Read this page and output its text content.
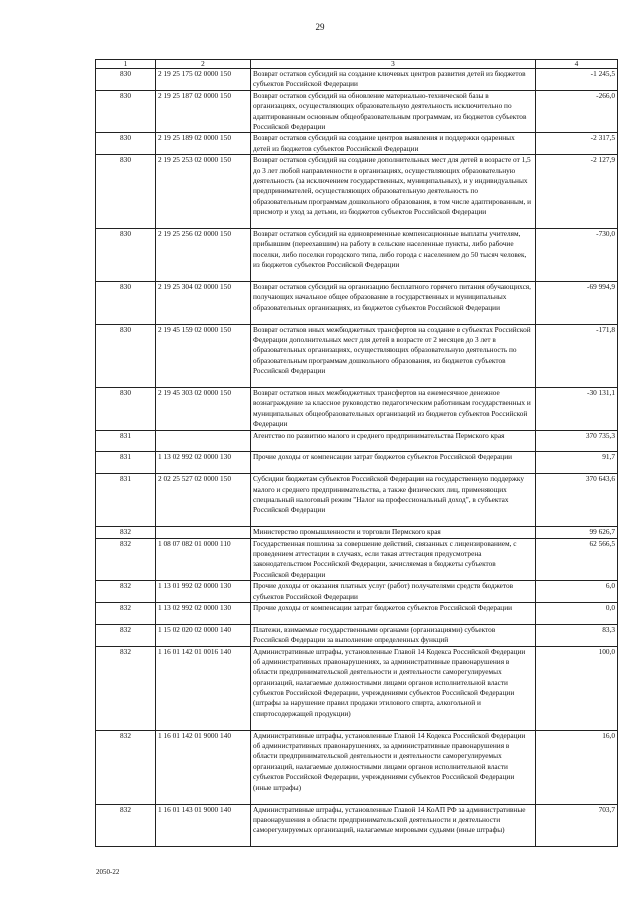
29
1	2	3	4
830	2 19 25 175 02 0000 150	Возврат остатков субсидий на создание ключевых центров развития детей из бюджетов субъектов Российской Федерации	-1 245,5
830	2 19 25 187 02 0000 150	Возврат остатков субсидий на обновление материально-технической базы в организациях, осуществляющих образовательную деятельность исключительно по адаптированным основным общеобразовательным программам, из бюджетов субъектов Российской Федерации	-266,0
830	2 19 25 189 02 0000 150	Возврат остатков субсидий на создание центров выявления и поддержки одаренных детей из бюджетов субъектов Российской Федерации	-2 317,5
830	2 19 25 253 02 0000 150	Возврат остатков субсидий на создание дополнительных мест для детей в возрасте от 1,5 до 3 лет любой направленности в организациях, осуществляющих образовательную деятельность (за исключением государственных, муниципальных), и у индивидуальных предпринимателей, осуществляющих образовательную деятельность по образовательным программам дошкольного образования, в том числе адаптированным, и присмотр и уход за детьми, из бюджетов субъектов Российской Федерации	-2 127,9
830	2 19 25 256 02 0000 150	Возврат остатков субсидий на единовременные компенсационные выплаты учителям, прибывшим (переехавшим) на работу в сельские населенные пункты, либо рабочие поселки, либо поселки городского типа, либо города с населением до 50 тысяч человек, из бюджетов субъектов Российской Федерации	-730,0
830	2 19 25 304 02 0000 150	Возврат остатков субсидий на организацию бесплатного горячего питания обучающихся, получающих начальное общее образование в государственных и муниципальных образовательных организациях, из бюджетов субъектов Российской Федерации	-69 994,9
830	2 19 45 159 02 0000 150	Возврат остатков иных межбюджетных трансфертов на создание в субъектах Российской Федерации дополнительных мест для детей в возрасте от 2 месяцев до 3 лет в образовательных организациях, осуществляющих образовательную деятельность по образовательным программам дошкольного образования, из бюджетов субъектов Российской Федерации	-171,8
830	2 19 45 303 02 0000 150	Возврат остатков иных межбюджетных трансфертов на ежемесячное денежное вознаграждение за классное руководство педагогическим работникам государственных и муниципальных общеобразовательных организаций из бюджетов субъектов Российской Федерации	-30 131,1
831		Агентство по развитию малого и среднего предпринимательства Пермского края	370 735,3
831	1 13 02 992 02 0000 130	Прочие доходы от компенсации затрат бюджетов субъектов Российской Федерации	91,7
831	2 02 25 527 02 0000 150	Субсидии бюджетам субъектов Российской Федерации на государственную поддержку малого и среднего предпринимательства, а также физических лиц, применяющих специальный налоговый режим "Налог на профессиональный доход", в субъектах Российской Федерации	370 643,6
832		Министерство промышленности и торговли Пермского края	99 626,7
832	1 08 07 082 01 0000 110	Государственная пошлина за совершение действий, связанных с лицензированием, с проведением аттестации в случаях, если такая аттестация предусмотрена законодательством Российской Федерации, зачисляемая в бюджеты субъектов Российской Федерации	62 566,5
832	1 13 01 992 02 0000 130	Прочие доходы от оказания платных услуг (работ) получателями средств бюджетов субъектов Российской Федерации	6,0
832	1 13 02 992 02 0000 130	Прочие доходы от компенсации затрат бюджетов субъектов Российской Федерации	0,0
832	1 15 02 020 02 0000 140	Платежи, взимаемые государственными органами (организациями) субъектов Российской Федерации за выполнение определенных функций	83,3
832	1 16 01 142 01 0016 140	Административные штрафы, установленные Главой 14 Кодекса Российской Федерации об административных правонарушениях, за административные правонарушения в области предпринимательской деятельности и деятельности саморегулируемых организаций, налагаемые должностными лицами органов исполнительной власти субъектов Российской Федерации, учреждениями субъектов Российской Федерации (штрафы за нарушение правил продажи этилового спирта, алкогольной и спиртосодержащей продукции)	100,0
832	1 16 01 142 01 9000 140	Административные штрафы, установленные Главой 14 Кодекса Российской Федерации об административных правонарушениях, за административные правонарушения в области предпринимательской деятельности и деятельности саморегулируемых организаций, налагаемые должностными лицами органов исполнительной власти субъектов Российской Федерации, учреждениями субъектов Российской Федерации (иные штрафы)	16,0
832	1 16 01 143 01 9000 140	Административные штрафы, установленные Главой 14 КоАП РФ за административные правонарушения в области предпринимательской деятельности и деятельности саморегулируемых организаций, налагаемые мировыми судьями (иные штрафы)	703,7
2050-22
